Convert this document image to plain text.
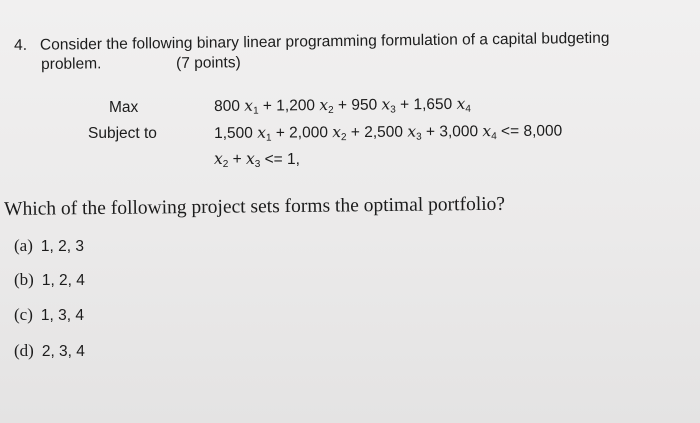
4. Consider the following binary linear programming formulation of a capital budgeting
problem.	(7 points)
Max
Subject to
800 $x_1 + 1,200$ $x_2 + 950$ $x_3 + 1,650$ $x_4$
1,500 $x_1 + 2,000$ $x_2 + 2,500$ $x_3 + 3,000$ $x_4 <= 8,000$
$x_2 + x_3 <= 1$,
Which of the following project sets forms the optimal portfolio?
(a) 1, 2, 3
(b) 1, 2, 4
(c) 1, 3, 4
(d) 2, 3, 4
